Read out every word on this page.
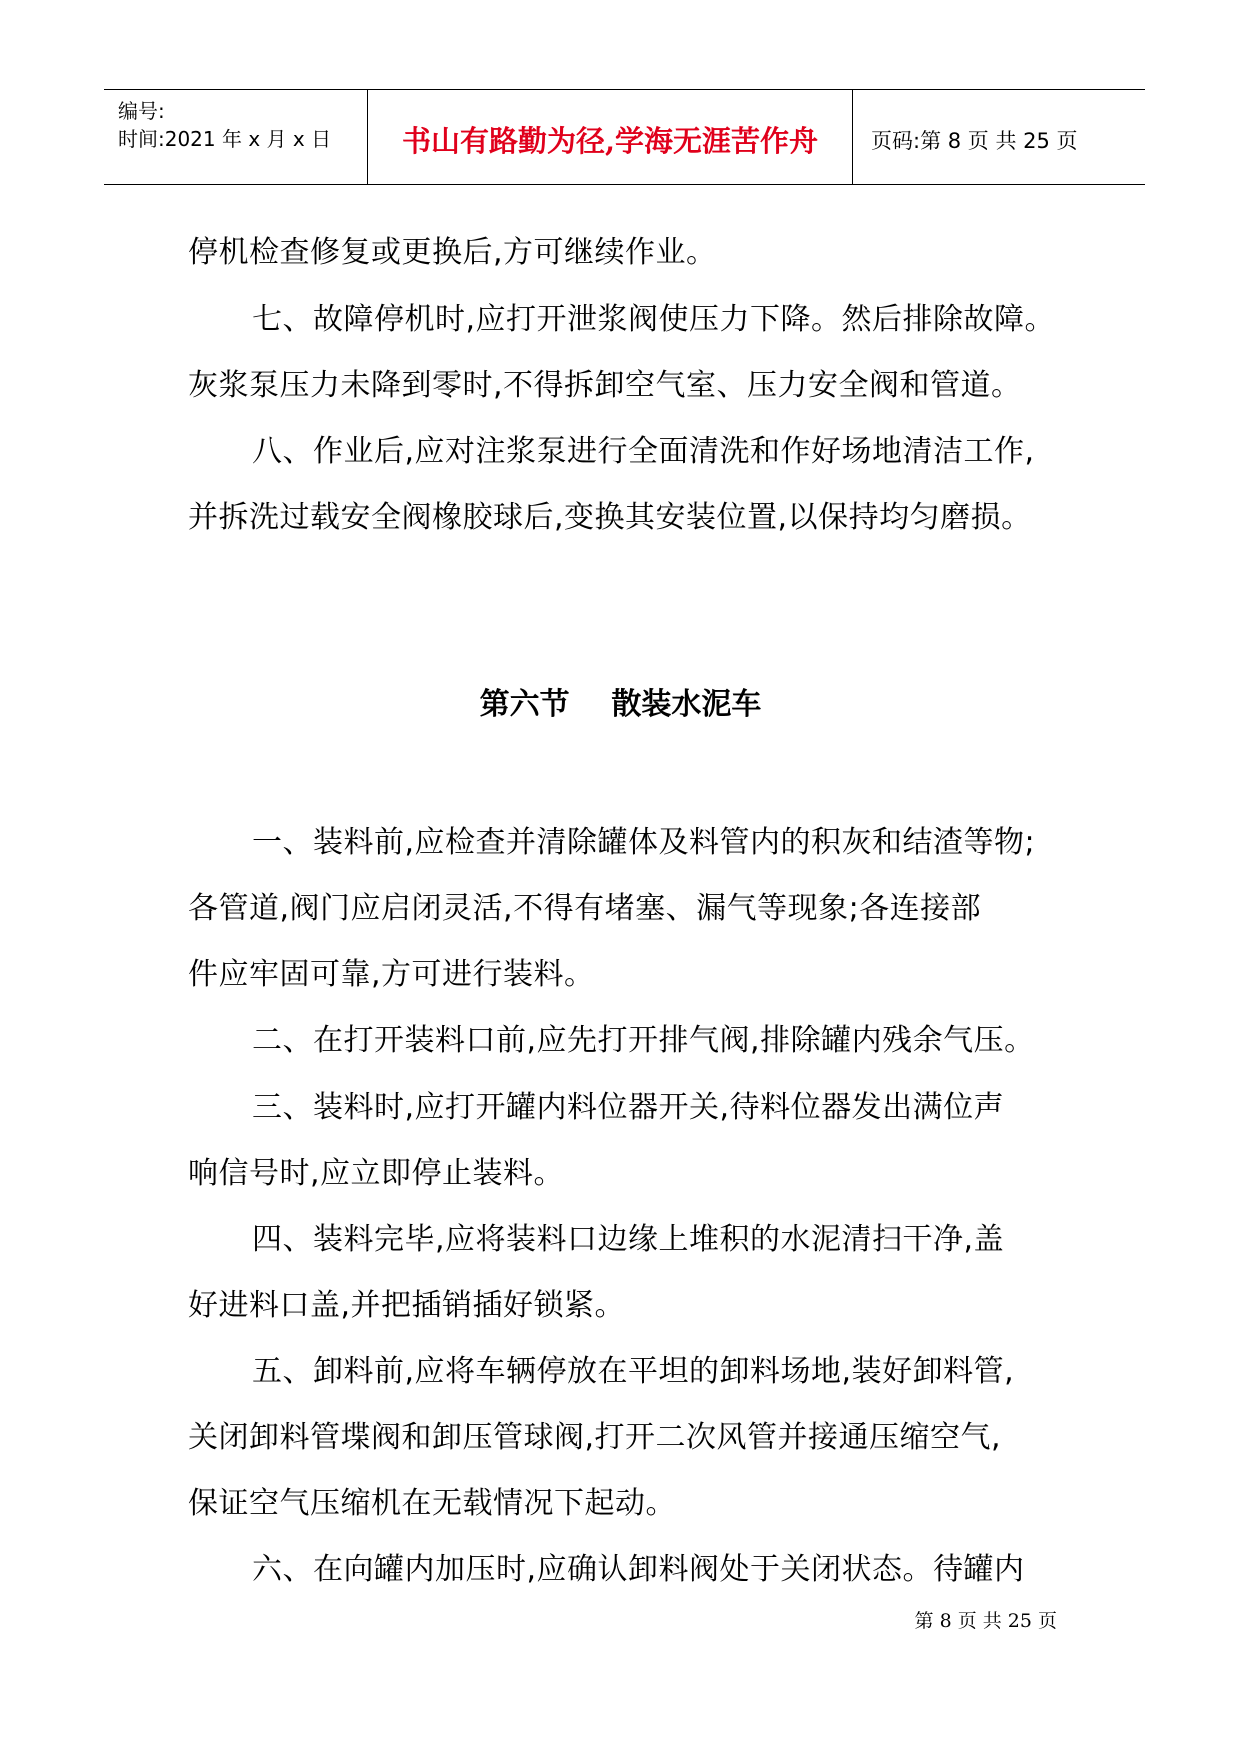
编号:
时间:2021 年 x 月 x 日	书山有路勤为径,学海无涯苦作舟	页码:第 8 页 共 25 页
停机检查修复或更换后,方可继续作业。
七、故障停机时,应打开泄浆阀使压力下降。然后排除故障。
灰浆泵压力未降到零时,不得拆卸空气室、压力安全阀和管道。
八、作业后,应对注浆泵进行全面清洗和作好场地清洁工作,
并拆洗过载安全阀橡胶球后,变换其安装位置,以保持均匀磨损。
一、装料前,应检查并清除罐体及料管内的积灰和结渣等物;
各管道,阀门应启闭灵活,不得有堵塞、漏气等现象;各连接部
件应牢固可靠,方可进行装料。
二、在打开装料口前,应先打开排气阀,排除罐内残余气压。
三、装料时,应打开罐内料位器开关,待料位器发出满位声
响信号时,应立即停止装料。
四、装料完毕,应将装料口边缘上堆积的水泥清扫干净,盖
好进料口盖,并把插销插好锁紧。
五、卸料前,应将车辆停放在平坦的卸料场地,装好卸料管,
关闭卸料管堞阀和卸压管球阀,打开二次风管并接通压缩空气,
保证空气压缩机在无载情况下起动。
六、在向罐内加压时,应确认卸料阀处于关闭状态。待罐内
第六节    散装水泥车
第 8 页 共 25 页
